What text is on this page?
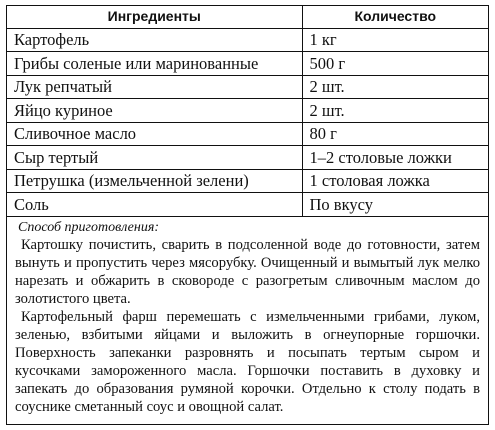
Ингредиенты	Количество
Картофель	1 кг
Грибы соленые или маринованные	500 г
Лук репчатый	2 шт.
Яйцо куриное	2 шт.
Сливочное масло	80 г
Сыр тертый	1–2 столовые ложки
Петрушка (измельченной зелени)	1 столовая ложка
Соль	По вкусу
Способ приготовления:

Картошку почистить, сварить в подсоленной воде до готовности, затем вынуть и пропустить через мясорубку. Очищенный и вымытый лук мелко нарезать и обжарить в сковороде с разогретым сливочным маслом до золотистого цвета.

Картофельный фарш перемешать с измельченными грибами, луком, зеленью, взбитыми яйцами и выложить в огнеупорные горшочки. Поверхность запеканки разровнять и посыпать тертым сыром и кусочками замороженного масла. Горшочки поставить в духовку и запекать до образования румяной корочки. Отдельно к столу подать в соуснике сметанный соус и овощной салат.
